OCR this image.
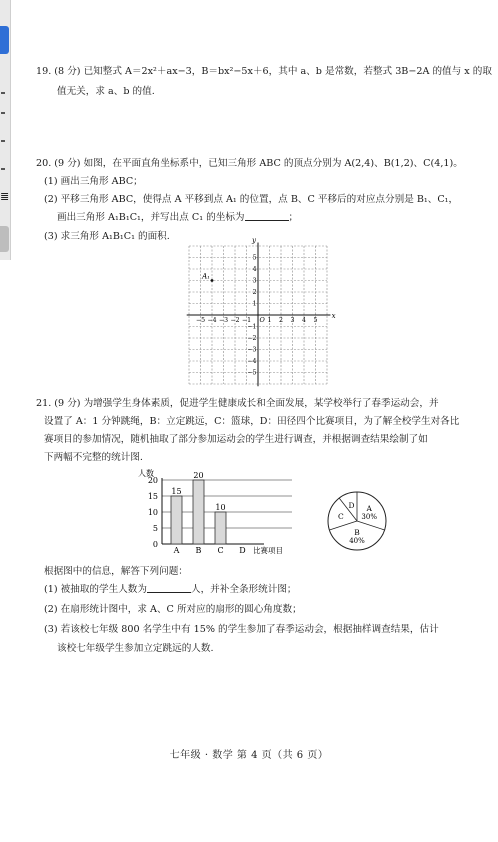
≣
19. (8 分) 已知整式 A＝2x²＋ax−3，B＝bx²−5x＋6，其中 a、b 是常数，若整式 3B−2A 的值与 x 的取
值无关，求 a、b 的值.
20. (9 分) 如图，在平面直角坐标系中，已知三角形 ABC 的顶点分别为 A(2,4)、B(1,2)、C(4,1)。
(1) 画出三角形 ABC；
(2) 平移三角形 ABC，使得点 A 平移到点 A₁ 的位置，点 B、C 平移后的对应点分别是 B₁、C₁，
画出三角形 A₁B₁C₁，并写出点 C₁ 的坐标为	；
(3) 求三角形 A₁B₁C₁ 的面积.
x
y
O
−5 −4 −3 −2 −1	1 2 3 4 5
5
4
3
2
1
−1
−2
−3
−4
−5
A₁
21. (9 分) 为增强学生身体素质，促进学生健康成长和全面发展，某学校举行了春季运动会，并
设置了 A：1 分钟跳绳，B：立定跳远，C：篮球，D：田径四个比赛项目，为了解全校学生对各比
赛项目的参加情况，随机抽取了部分参加运动会的学生进行调查，并根据调查结果绘制了如
下两幅不完整的统计图.
人数
0
5
10
15
20
15
A
20
B
10
C D 比赛项目
A
30%
B
40%
C
D
根据图中的信息，解答下列问题：
(1) 被抽取的学生人数为	人，并补全条形统计图；
(2) 在扇形统计图中，求 A、C 所对应的扇形的圆心角度数；
(3) 若该校七年级 800 名学生中有 15% 的学生参加了春季运动会，根据抽样调查结果，估计
该校七年级学生参加立定跳远的人数.
七年级 · 数学 第 4 页（共 6 页）
